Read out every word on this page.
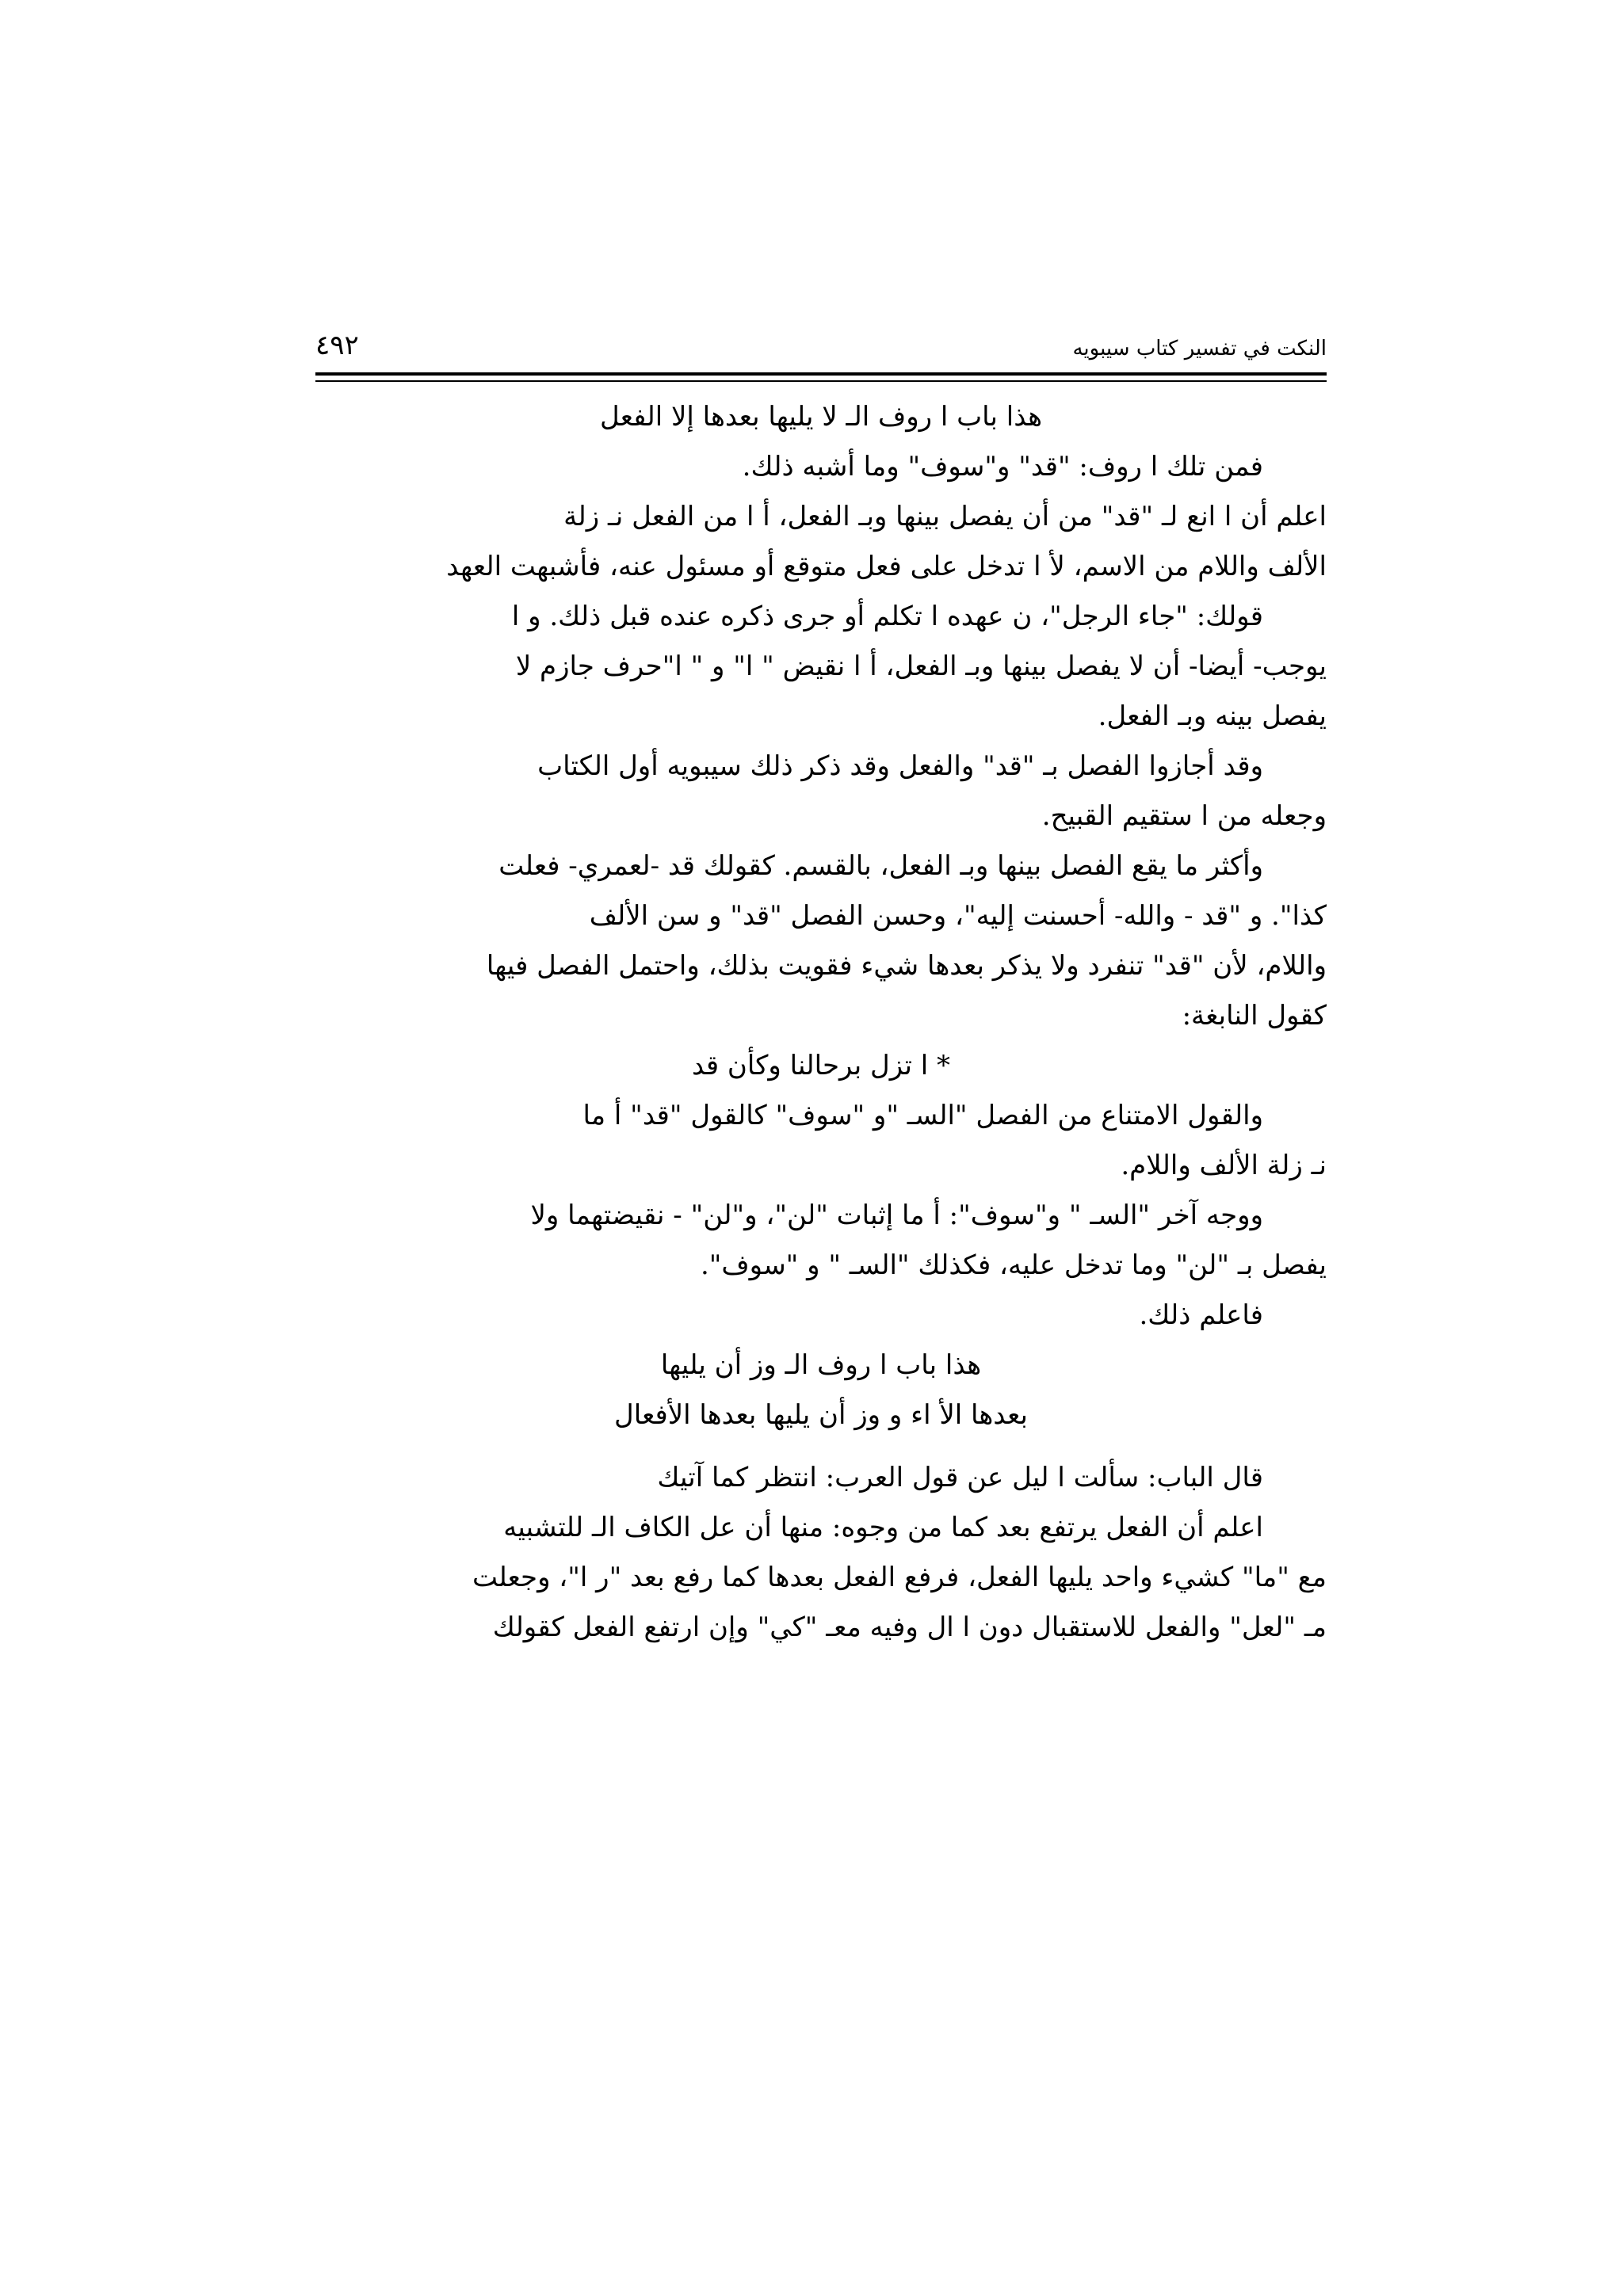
النكت في تفسير كتاب سيبويه
٤٩٢
هذا باب ا روف الـ لا يليها بعدها إلا الفعل
فمن تلك ا روف: "قد" و"سوف" وما أشبه ذلك.
اعلم أن ا انع لـ "قد" من أن يفصل بينها وبـ الفعل، أ ا من الفعل نـ زلة
الألف واللام من الاسم، لأ ا تدخل على فعل متوقع أو مسئول عنه، فأشبهت العهد
قولك: "جاء الرجل"، ن عهده ا تكلم أو جرى ذكره عنده قبل ذلك. و ا
يوجب- أيضا- أن لا يفصل بينها وبـ الفعل، أ ا نقيض " ا" و " ا"حرف جازم لا
يفصل بينه وبـ الفعل.
وقد أجازوا الفصل بـ "قد" والفعل وقد ذكر ذلك سيبويه أول الكتاب
وجعله من ا ستقيم القبيح.
وأكثر ما يقع الفصل بينها وبـ الفعل، بالقسم. كقولك قد -لعمري- فعلت
كذا". و "قد - والله- أحسنت إليه"، وحسن الفصل "قد" و سن الألف
واللام، لأن "قد" تنفرد ولا يذكر بعدها شيء فقويت بذلك، واحتمل الفصل فيها
كقول النابغة:
* ا تزل برحالنا وكأن قد
والقول الامتناع من الفصل "السـ "و "سوف" كالقول "قد" أ ما
نـ زلة الألف واللام.
ووجه آخر "السـ " و"سوف": أ ما إثبات "لن"، و"لن" - نقيضتهما ولا
يفصل بـ "لن" وما تدخل عليه، فكذلك "السـ " و "سوف".
فاعلم ذلك.
هذا باب ا روف الـ وز أن يليها
بعدها الأ اء و وز أن يليها بعدها الأفعال
قال الباب: سألت ا ليل عن قول العرب: انتظر كما آتيك
اعلم أن الفعل يرتفع بعد كما من وجوه: منها أن عل الكاف الـ للتشبيه
مع "ما" كشيء واحد يليها الفعل، فرفع الفعل بعدها كما رفع بعد "ر ا"، وجعلت
مـ "لعل" والفعل للاستقبال دون ا ال وفيه معـ "كي" وإن ارتفع الفعل كقولك
